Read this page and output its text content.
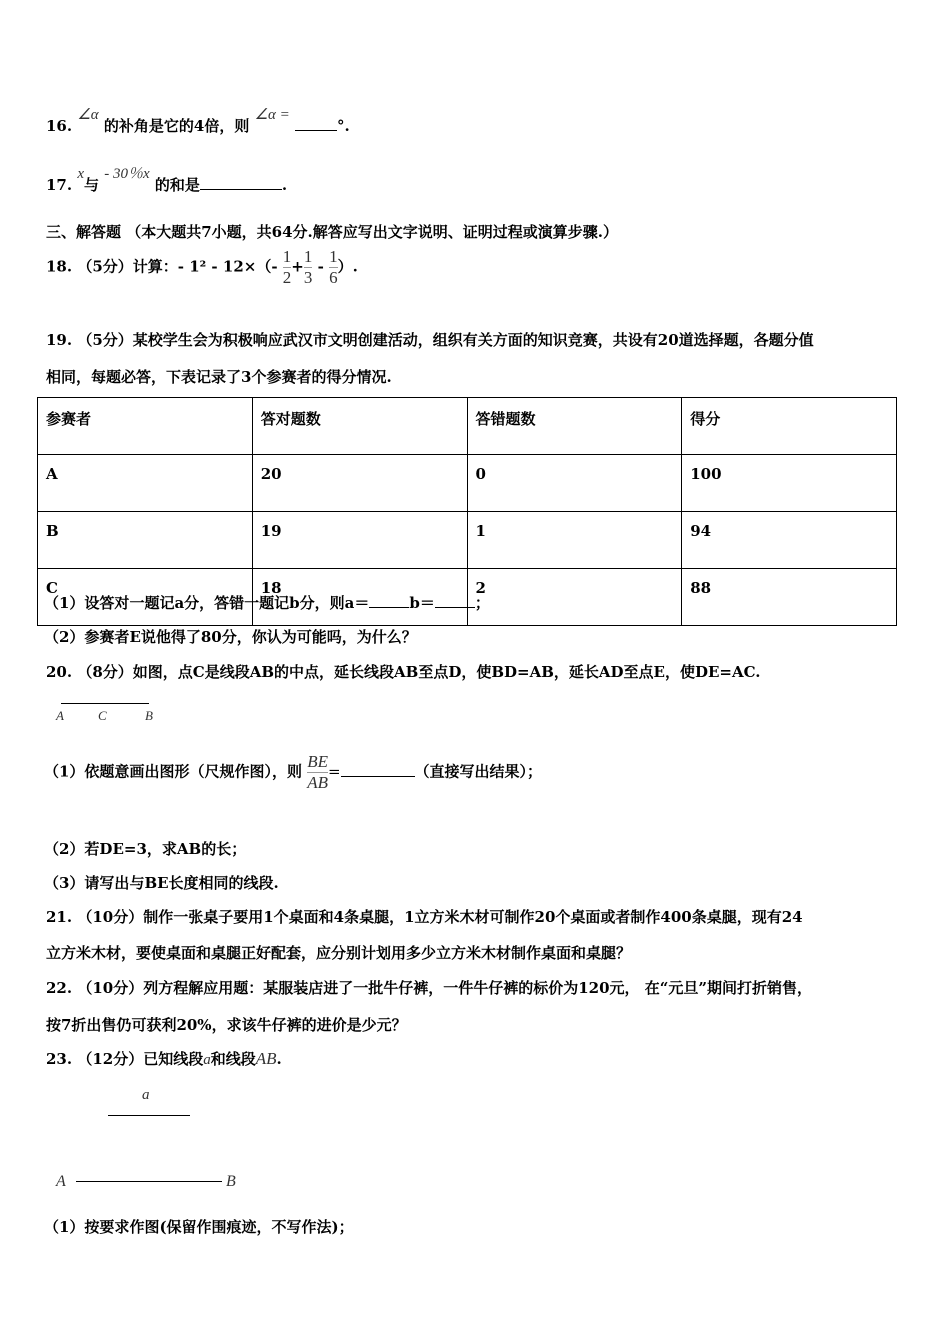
16. ∠α 的补角是它的4倍，则 ∠α = °.
17. x与 - 30％x 的和是	.
三、解答题 （本大题共7小题，共64分.解答应写出文字说明、证明过程或演算步骤.）
18. （5分）计算：- $1^2 - 12\times(- \frac{1}{2} + \frac{1}{3} - \frac{1}{6}$ ）.
19. （5分）某校学生会为积极响应武汉市文明创建活动，组织有关方面的知识竞赛，共设有20道选择题，各题分值
相同，每题必答，下表记录了3个参赛者的得分情况.
参赛者	答对题数	答错题数	得分
A	20	0	100
B	19	1	94
C	18	2	88
（1）设答对一题记a分，答错一题记b分，则a＝	b＝	；
（2）参赛者E说他得了80分，你认为可能吗，为什么？
20. （8分）如图，点C是线段AB的中点，延长线段AB至点D，使BD=AB，延长AD至点E，使DE=AC.
A	C	B
（1）依题意画出图形（尺规作图），则 $\frac{BE}{AB}$ =	（直接写出结果）；
（2）若DE=3，求AB的长；
（3）请写出与BE长度相同的线段.
21. （10分）制作一张桌子要用1个桌面和4条桌腿，1立方米木材可制作20个桌面或者制作400条桌腿，现有24
立方米木材，要使桌面和桌腿正好配套，应分别计划用多少立方米木材制作桌面和桌腿？
22. （10分）列方程解应用题：某服装店进了一批牛仔裤，一件牛仔裤的标价为120元， 在“元旦”期间打折销售，
按7折出售仍可获利20%，求该牛仔裤的进价是少元？
23. （12分）已知线段a和线段AB.
a
A	B
（1）按要求作图(保留作围痕迹，不写作法)；
